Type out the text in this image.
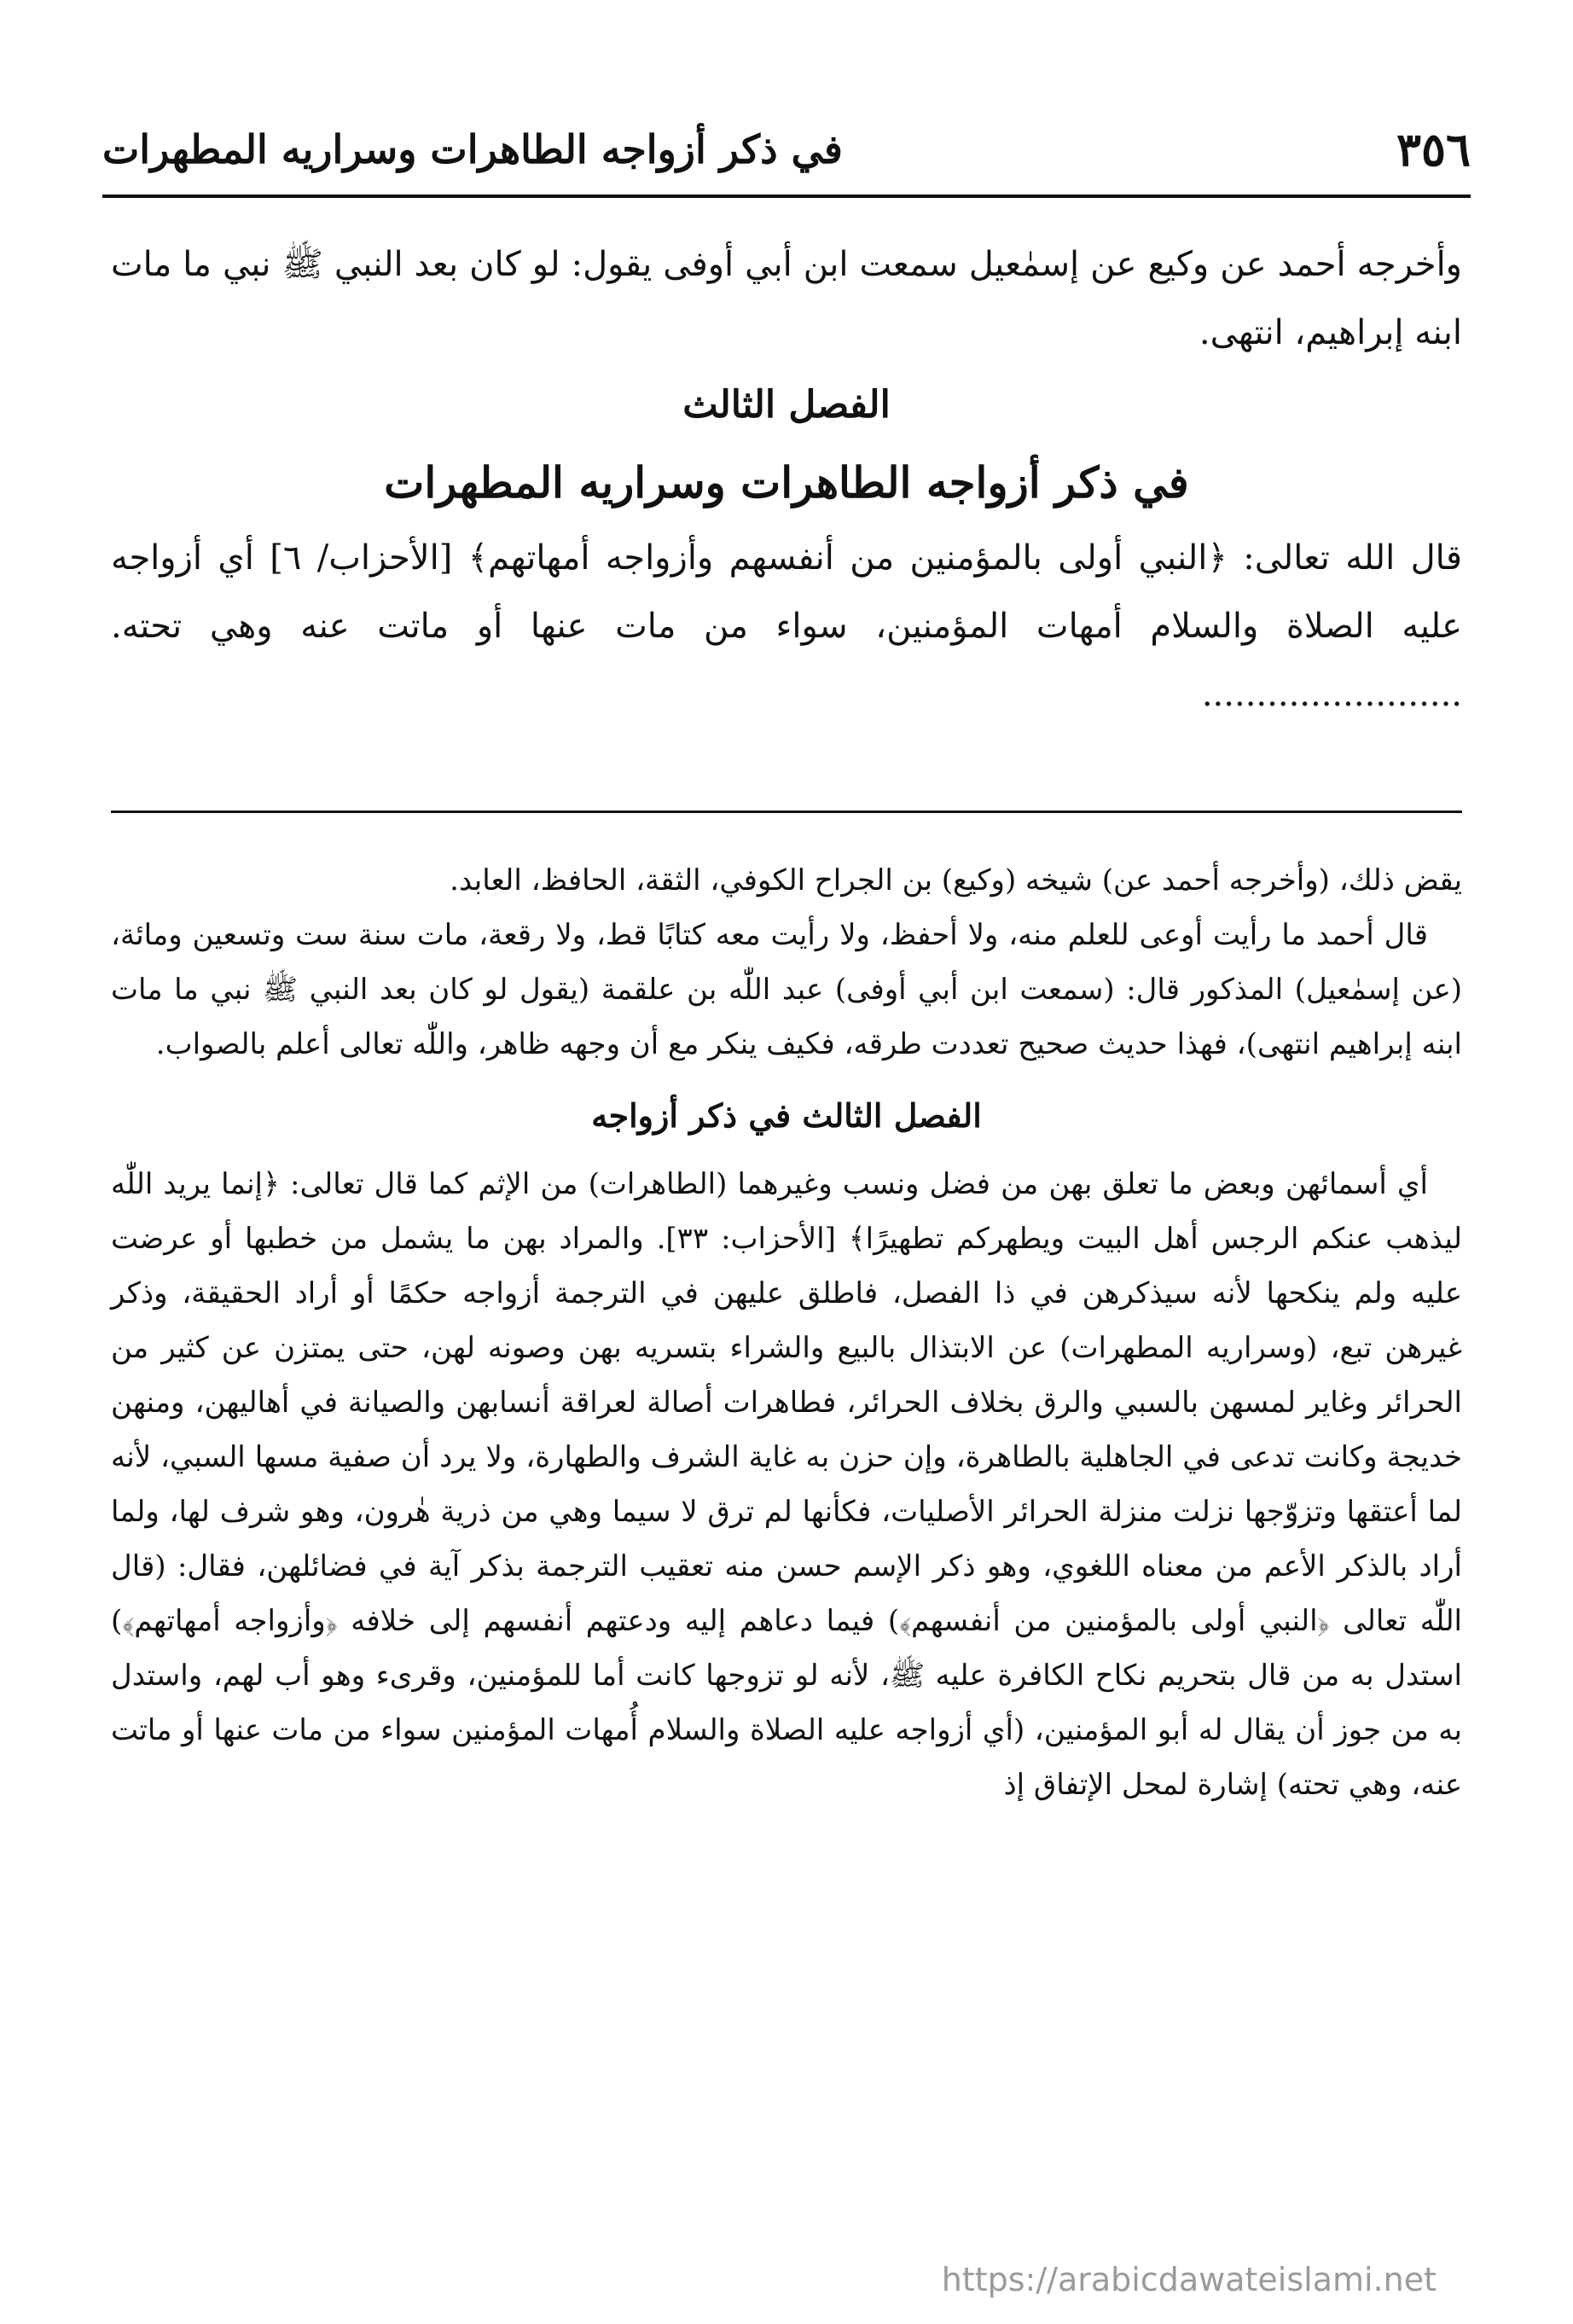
٣٥٦
في ذكر أزواجه الطاهرات وسراريه المطهرات

وأخرجه أحمد عن وكيع عن إسمٰعيل سمعت ابن أبي أوفى يقول: لو كان بعد النبي ﷺ نبي ما مات ابنه إبراهيم، انتهى.

الفصل الثالث
في ذكر أزواجه الطاهرات وسراريه المطهرات

قال الله تعالى: ﴿النبي أولى بالمؤمنين من أنفسهم وأزواجه أمهاتهم﴾ [الأحزاب/ ٦] أي أزواجه عليه الصلاة والسلام أمهات المؤمنين، سواء من مات عنها أو ماتت عنه وهي تحته. ........................

يقض ذلك، (وأخرجه أحمد عن) شيخه (وكيع) بن الجراح الكوفي، الثقة، الحافظ، العابد.

قال أحمد ما رأيت أوعى للعلم منه، ولا أحفظ، ولا رأيت معه كتابًا قط، ولا رقعة، مات سنة ست وتسعين ومائة، (عن إسمٰعيل) المذكور قال: (سمعت ابن أبي أوفى) عبد اللّٰه بن علقمة (يقول لو كان بعد النبي ﷺ نبي ما مات ابنه إبراهيم انتهى)، فهذا حديث صحيح تعددت طرقه، فكيف ينكر مع أن وجهه ظاهر، واللّٰه تعالى أعلم بالصواب.

الفصل الثالث في ذكر أزواجه

أي أسمائهن وبعض ما تعلق بهن من فضل ونسب وغيرهما (الطاهرات) من الإثم كما قال تعالى: ﴿إنما يريد اللّٰه ليذهب عنكم الرجس أهل البيت ويطهركم تطهيرًا﴾ [الأحزاب: ٣٣]. والمراد بهن ما يشمل من خطبها أو عرضت عليه ولم ينكحها لأنه سيذكرهن في ذا الفصل، فاطلق عليهن في الترجمة أزواجه حكمًا أو أراد الحقيقة، وذكر غيرهن تبع، (وسراريه المطهرات) عن الابتذال بالبيع والشراء بتسريه بهن وصونه لهن، حتى يمتزن عن كثير من الحرائر وغاير لمسهن بالسبي والرق بخلاف الحرائر، فطاهرات أصالة لعراقة أنسابهن والصيانة في أهاليهن، ومنهن خديجة وكانت تدعى في الجاهلية بالطاهرة، وإن حزن به غاية الشرف والطهارة، ولا يرد أن صفية مسها السبي، لأنه لما أعتقها وتزوّجها نزلت منزلة الحرائر الأصليات، فكأنها لم ترق لا سيما وهي من ذرية هٰرون، وهو شرف لها، ولما أراد بالذكر الأعم من معناه اللغوي، وهو ذكر الإسم حسن منه تعقيب الترجمة بذكر آية في فضائلهن، فقال: (قال اللّٰه تعالى ﴿النبي أولى بالمؤمنين من أنفسهم﴾) فيما دعاهم إليه ودعتهم أنفسهم إلى خلافه ﴿وأزواجه أمهاتهم﴾) استدل به من قال بتحريم نكاح الكافرة عليه ﷺ، لأنه لو تزوجها كانت أما للمؤمنين، وقرىء وهو أب لهم، واستدل به من جوز أن يقال له أبو المؤمنين، (أي أزواجه عليه الصلاة والسلام أُمهات المؤمنين سواء من مات عنها أو ماتت عنه، وهي تحته) إشارة لمحل الإتفاق إذ

https://arabicdawateislami.net
